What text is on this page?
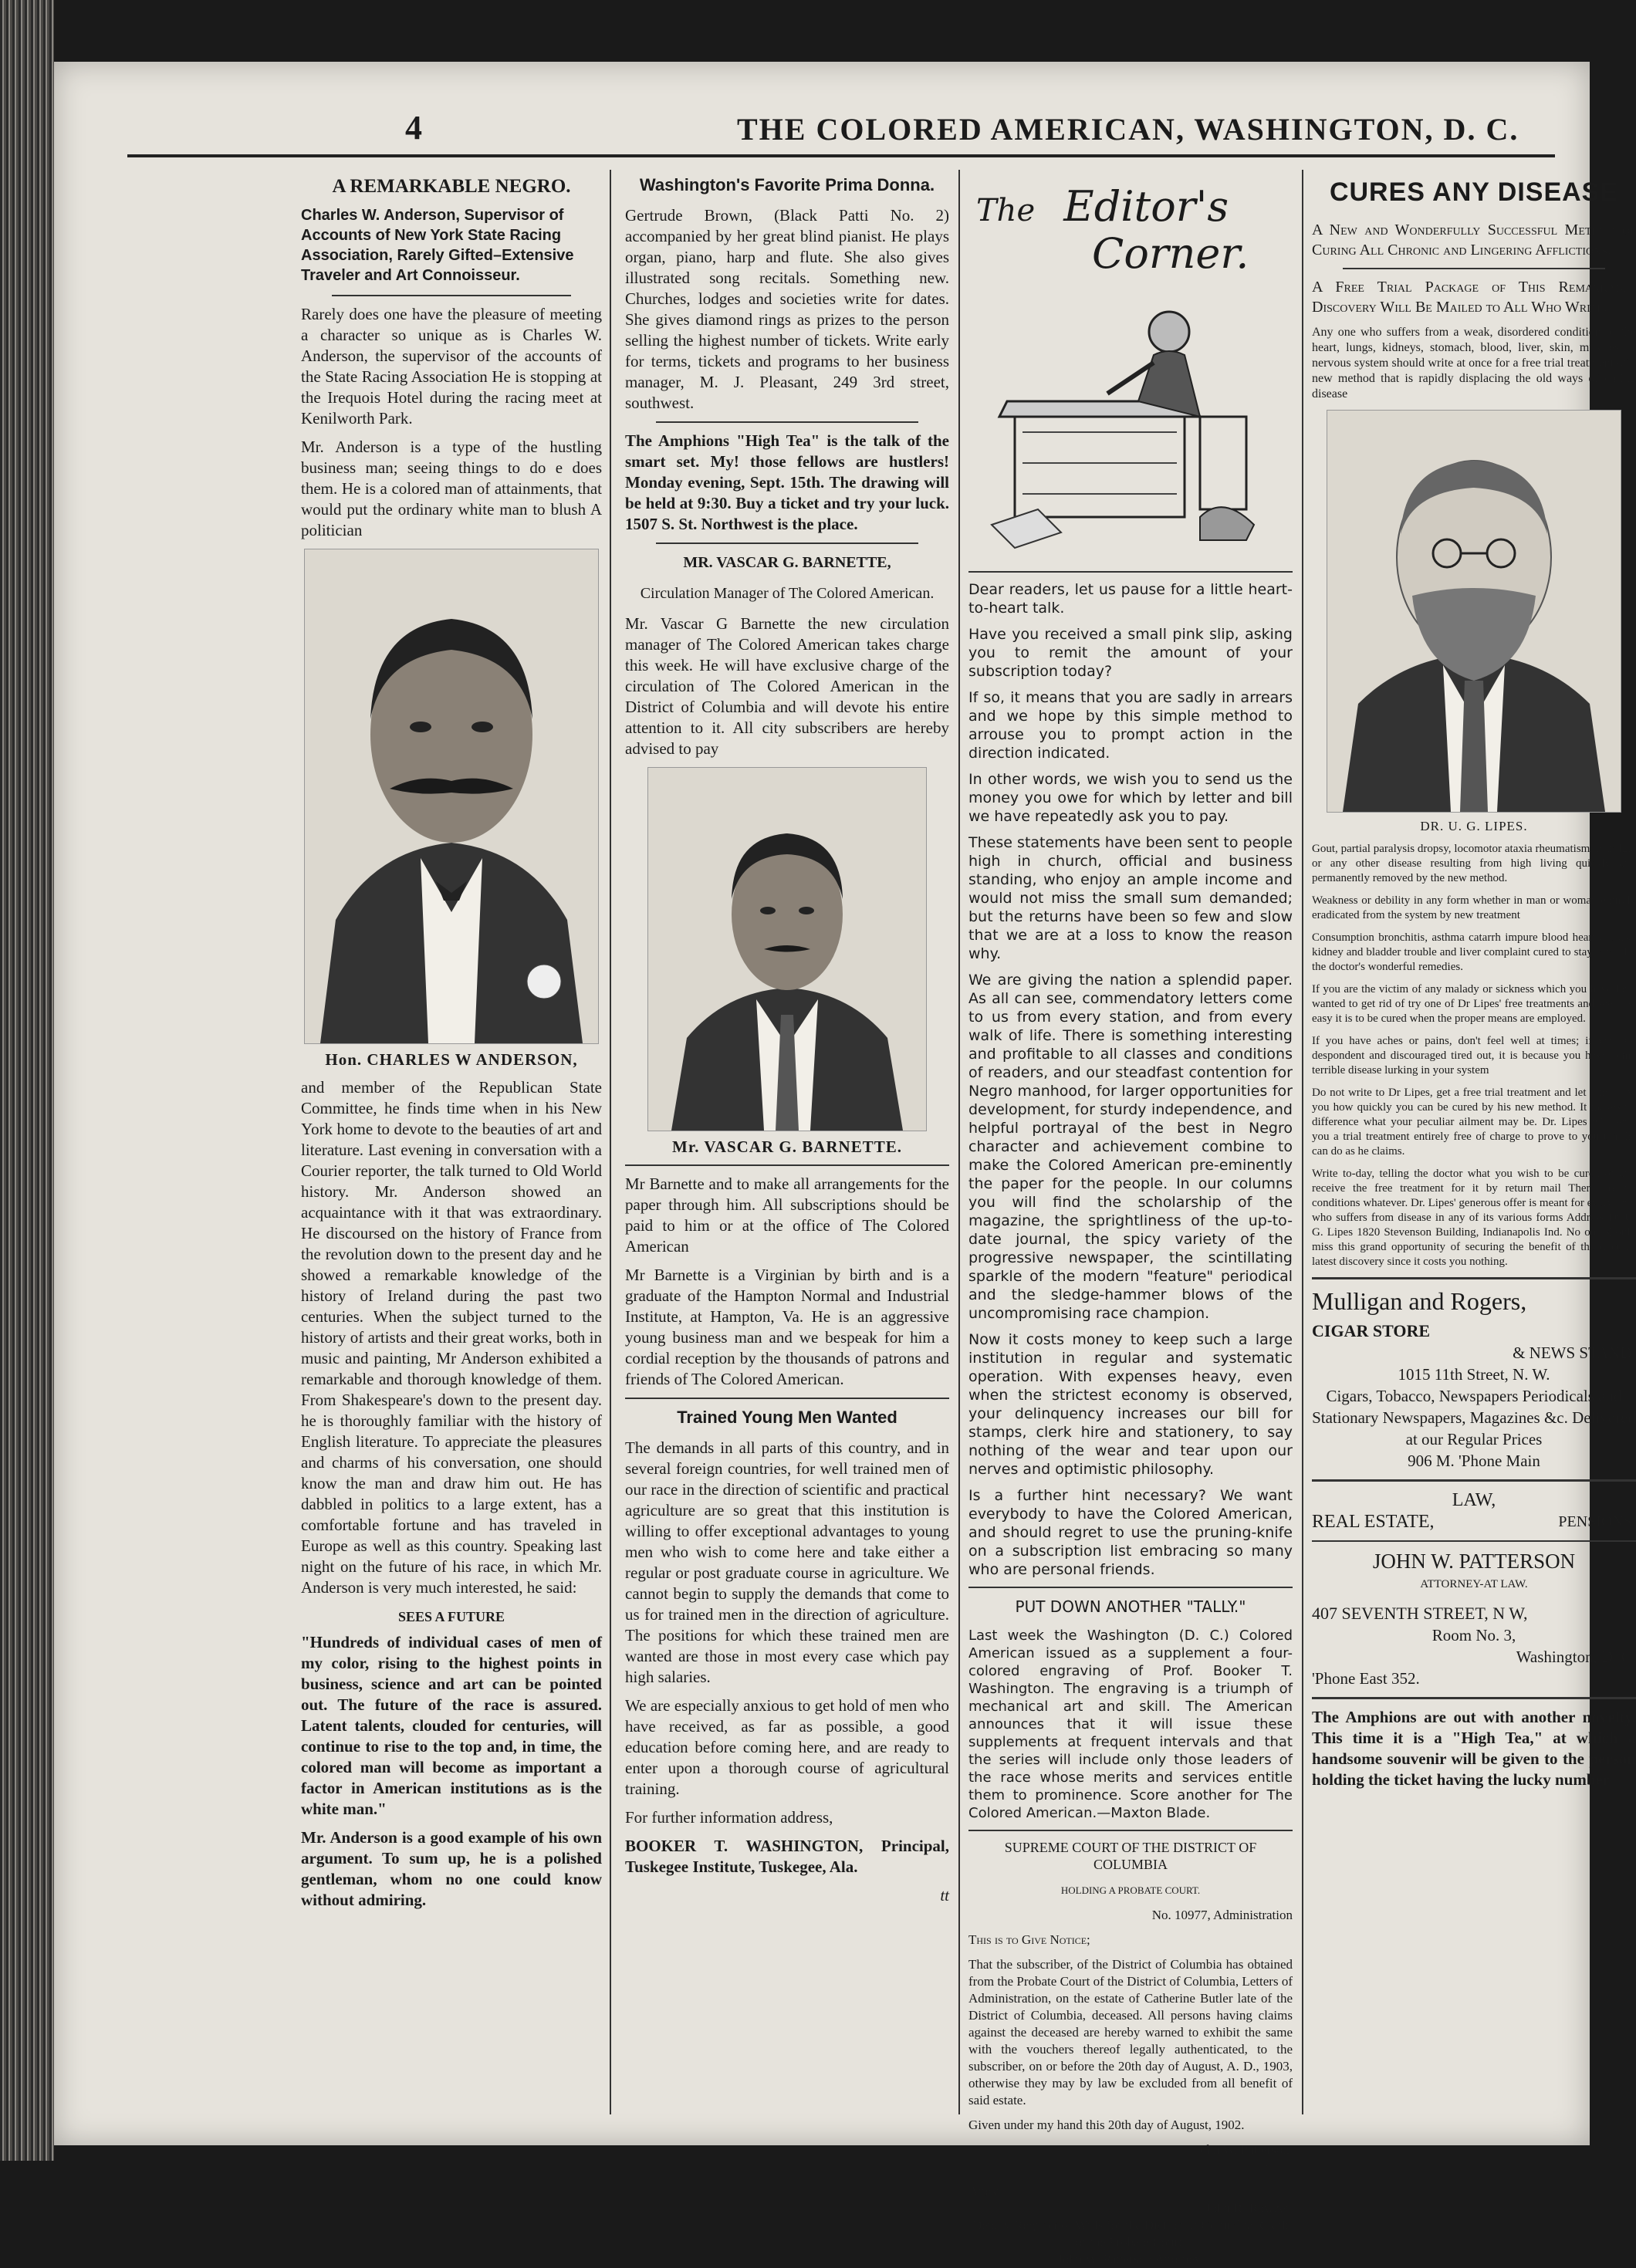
4	THE COLORED AMERICAN, WASHINGTON, D. C.
A REMARKABLE NEGRO.
Charles W. Anderson, Supervisor of Accounts of New York State Racing Association, Rarely Gifted–Extensive Traveler and Art Connoisseur.

Rarely does one have the pleasure of meeting a character so unique as is Charles W. Anderson, the supervisor of the accounts of the State Racing Association He is stopping at the Irequois Hotel during the racing meet at Kenilworth Park.

Mr. Anderson is a type of the hustling business man; seeing things to do e does them. He is a colored man of attainments, that would put the ordinary white man to blush A politician

Hon. CHARLES W ANDERSON,

and member of the Republican State Committee, he finds time when in his New York home to devote to the beauties of art and literature. Last evening in conversation with a Courier reporter, the talk turned to Old World history. Mr. Anderson showed an acquaintance with it that was extraordinary. He discoursed on the history of France from the revolution down to the present day and he showed a remarkable knowledge of the history of Ireland during the past two centuries. When the subject turned to the history of artists and their great works, both in music and painting, Mr Anderson exhibited a remarkable and thorough knowledge of them. From Shakespeare's down to the present day. he is thoroughly familiar with the history of English literature. To appreciate the pleasures and charms of his conversation, one should know the man and draw him out. He has dabbled in politics to a large extent, has a comfortable fortune and has traveled in Europe as well as this country. Speaking last night on the future of his race, in which Mr. Anderson is very much interested, he said:

SEES A FUTURE

"Hundreds of individual cases of men of my color, rising to the highest points in business, science and art can be pointed out. The future of the race is assured. Latent talents, clouded for centuries, will continue to rise to the top and, in time, the colored man will become as important a factor in American institutions as is the white man."

Mr. Anderson is a good example of his own argument. To sum up, he is a polished gentleman, whom no one could know without admiring.

Washington's Favorite Prima Donna.

Gertrude Brown, (Black Patti No. 2) accompanied by her great blind pianist. He plays organ, piano, harp and flute. She also gives illustrated song recitals. Something new. Churches, lodges and societies write for dates. She gives diamond rings as prizes to the person selling the highest number of tickets. Write early for terms, tickets and programs to her business manager, M. J. Pleasant, 249 3rd street, southwest.

The Amphions "High Tea" is the talk of the smart set. My! those fellows are hustlers! Monday evening, Sept. 15th. The drawing will be held at 9:30. Buy a ticket and try your luck. 1507 S. St. Northwest is the place.

MR. VASCAR G. BARNETTE,
Circulation Manager of The Colored American.

Mr. Vascar G Barnette the new circulation manager of The Colored American takes charge this week. He will have exclusive charge of the circulation of The Colored American in the District of Columbia and will devote his entire attention to it. All city subscribers are hereby advised to pay

Mr. VASCAR G. BARNETTE.

Mr Barnette and to make all arrangements for the paper through him. All subscriptions should be paid to him or at the office of The Colored American

Mr Barnette is a Virginian by birth and is a graduate of the Hampton Normal and Industrial Institute, at Hampton, Va. He is an aggressive young business man and we bespeak for him a cordial reception by the thousands of patrons and friends of The Colored American.

Trained Young Men Wanted

The demands in all parts of this country, and in several foreign countries, for well trained men of our race in the direction of scientific and practical agriculture are so great that this institution is willing to offer exceptional advantages to young men who wish to come here and take either a regular or post graduate course in agriculture. We cannot begin to supply the demands that come to us for trained men in the direction of agriculture. The positions for which these trained men are wanted are those in most every case which pay high salaries.

We are especially anxious to get hold of men who have received, as far as possible, a good education before coming here, and are ready to enter upon a thorough course of agricultural training.

For further information address,

BOOKER T. WASHINGTON, Principal, Tuskegee Institute, Tuskegee, Ala.

tt

The Editor's
Corner.

Dear readers, let us pause for a little heart-to-heart talk.

Have you received a small pink slip, asking you to remit the amount of your subscription today?

If so, it means that you are sadly in arrears and we hope by this simple method to arrouse you to prompt action in the direction indicated.

In other words, we wish you to send us the money you owe for which by letter and bill we have repeatedly ask you to pay.

These statements have been sent to people high in church, official and business standing, who enjoy an ample income and would not miss the small sum demanded; but the returns have been so few and slow that we are at a loss to know the reason why.

We are giving the nation a splendid paper. As all can see, commendatory letters come to us from every station, and from every walk of life. There is something interesting and profitable to all classes and conditions of readers, and our steadfast contention for Negro manhood, for larger opportunities for development, for sturdy independence, and helpful portrayal of the best in Negro character and achievement combine to make the Colored American pre-eminently the paper for the people. In our columns you will find the scholarship of the magazine, the sprightliness of the up-to-date journal, the spicy variety of the progressive newspaper, the scintillating sparkle of the modern "feature" periodical and the sledge-hammer blows of the uncompromising race champion.

Now it costs money to keep such a large institution in regular and systematic operation. With expenses heavy, even when the strictest economy is observed, your delinquency increases our bill for stamps, clerk hire and stationery, to say nothing of the wear and tear upon our nerves and optimistic philosophy.

Is a further hint necessary? We want everybody to have the Colored American, and should regret to use the pruning-knife on a subscription list embracing so many who are personal friends.

PUT DOWN ANOTHER "TALLY."

Last week the Washington (D. C.) Colored American issued as a supplement a four-colored engraving of Prof. Booker T. Washington. The engraving is a triumph of mechanical art and skill. The American announces that it will issue these supplements at frequent intervals and that the series will include only those leaders of the race whose merits and services entitle them to prominence. Score another for The Colored American.—Maxton Blade.

SUPREME COURT OF THE DISTRICT OF COLUMBIA

HOLDING A PROBATE COURT.

No. 10977, Administration

This is to Give Notice;

That the subscriber, of the District of Columbia has obtained from the Probate Court of the District of Columbia, Letters of Administration, on the estate of Catherine Butler late of the District of Columbia, deceased. All persons having claims against the deceased are hereby warned to exhibit the same with the vouchers thereof legally authenticated, to the subscriber, on or before the 20th day of August, A. D., 1903, otherwise they may by law be excluded from all benefit of said estate.

Given under my hand this 20th day of August, 1902.

John W. Patterson,

407 7th st. n. w.

Attest:

John R. Rowzer,

Deputy Register of Wills for the District of Columbia. Clerk of the Probate Court.

John W. Patterson Attorney.

CURES ANY DISEASE

A New and Wonderfully Successful Method of Curing All Chronic and Lingering Afflictions.

A Free Trial Package of This Remarkable Discovery Will Be Mailed to All Who Write.

Any one who suffers from a weak, disordered condition of the heart, lungs, kidneys, stomach, blood, liver, skin, muscles or nervous system should write at once for a free trial treatment of a new method that is rapidly displacing the old ways of curing disease

DR. U. G. LIPES.

Gout, partial paralysis dropsy, locomotor ataxia rheumatism neuralgia or any other disease resulting from high living quickly and permanently removed by the new method.

Weakness or debility in any form whether in man or woman entirely eradicated from the system by new treatment

Consumption bronchitis, asthma catarrh impure blood heart disease, kidney and bladder trouble and liver complaint cured to stay cured by the doctor's wonderful remedies.

If you are the victim of any malady or sickness which you have long wanted to get rid of try one of Dr Lipes' free treatments and see how easy it is to be cured when the proper means are employed.

If you have aches or pains, don't feel well at times; if you are despondent and discouraged tired out, it is because you have some terrible disease lurking in your system

Do not write to Dr Lipes, get a free trial treatment and let him show you how quickly you can be cured by his new method. It makes no difference what your peculiar ailment may be. Dr. Lipes will send you a trial treatment entirely free of charge to prove to you that he can do as he claims.

Write to-day, telling the doctor what you wish to be cured of and receive the free treatment for it by return mail There are no conditions whatever. Dr. Lipes' generous offer is meant for everybody who suffers from disease in any of its various forms Address Dr U. G. Lipes 1820 Stevenson Building, Indianapolis Ind. No one should miss this grand opportunity of securing the benefit of the doctor's latest discovery since it costs you nothing.

Mulligan and Rogers,
CIGAR STORE
& NEWS STAND.
1015 11th Street, N. W.
Cigars, Tobacco, Newspapers Periodicals and Stationary Newspapers, Magazines &c. Delivered at our Regular Prices
906 M. 'Phone Main
LAW,
REAL ESTATE,	PENSIONS.
JOHN W. PATTERSON
ATTORNEY-AT LAW.
407 SEVENTH STREET, N W,
Room No. 3,
Washington, D. C,
'Phone East 352.

The Amphions are out with another novelty. This time it is a "High Tea," at which a handsome souvenir will be given to the person holding the ticket having the lucky number
